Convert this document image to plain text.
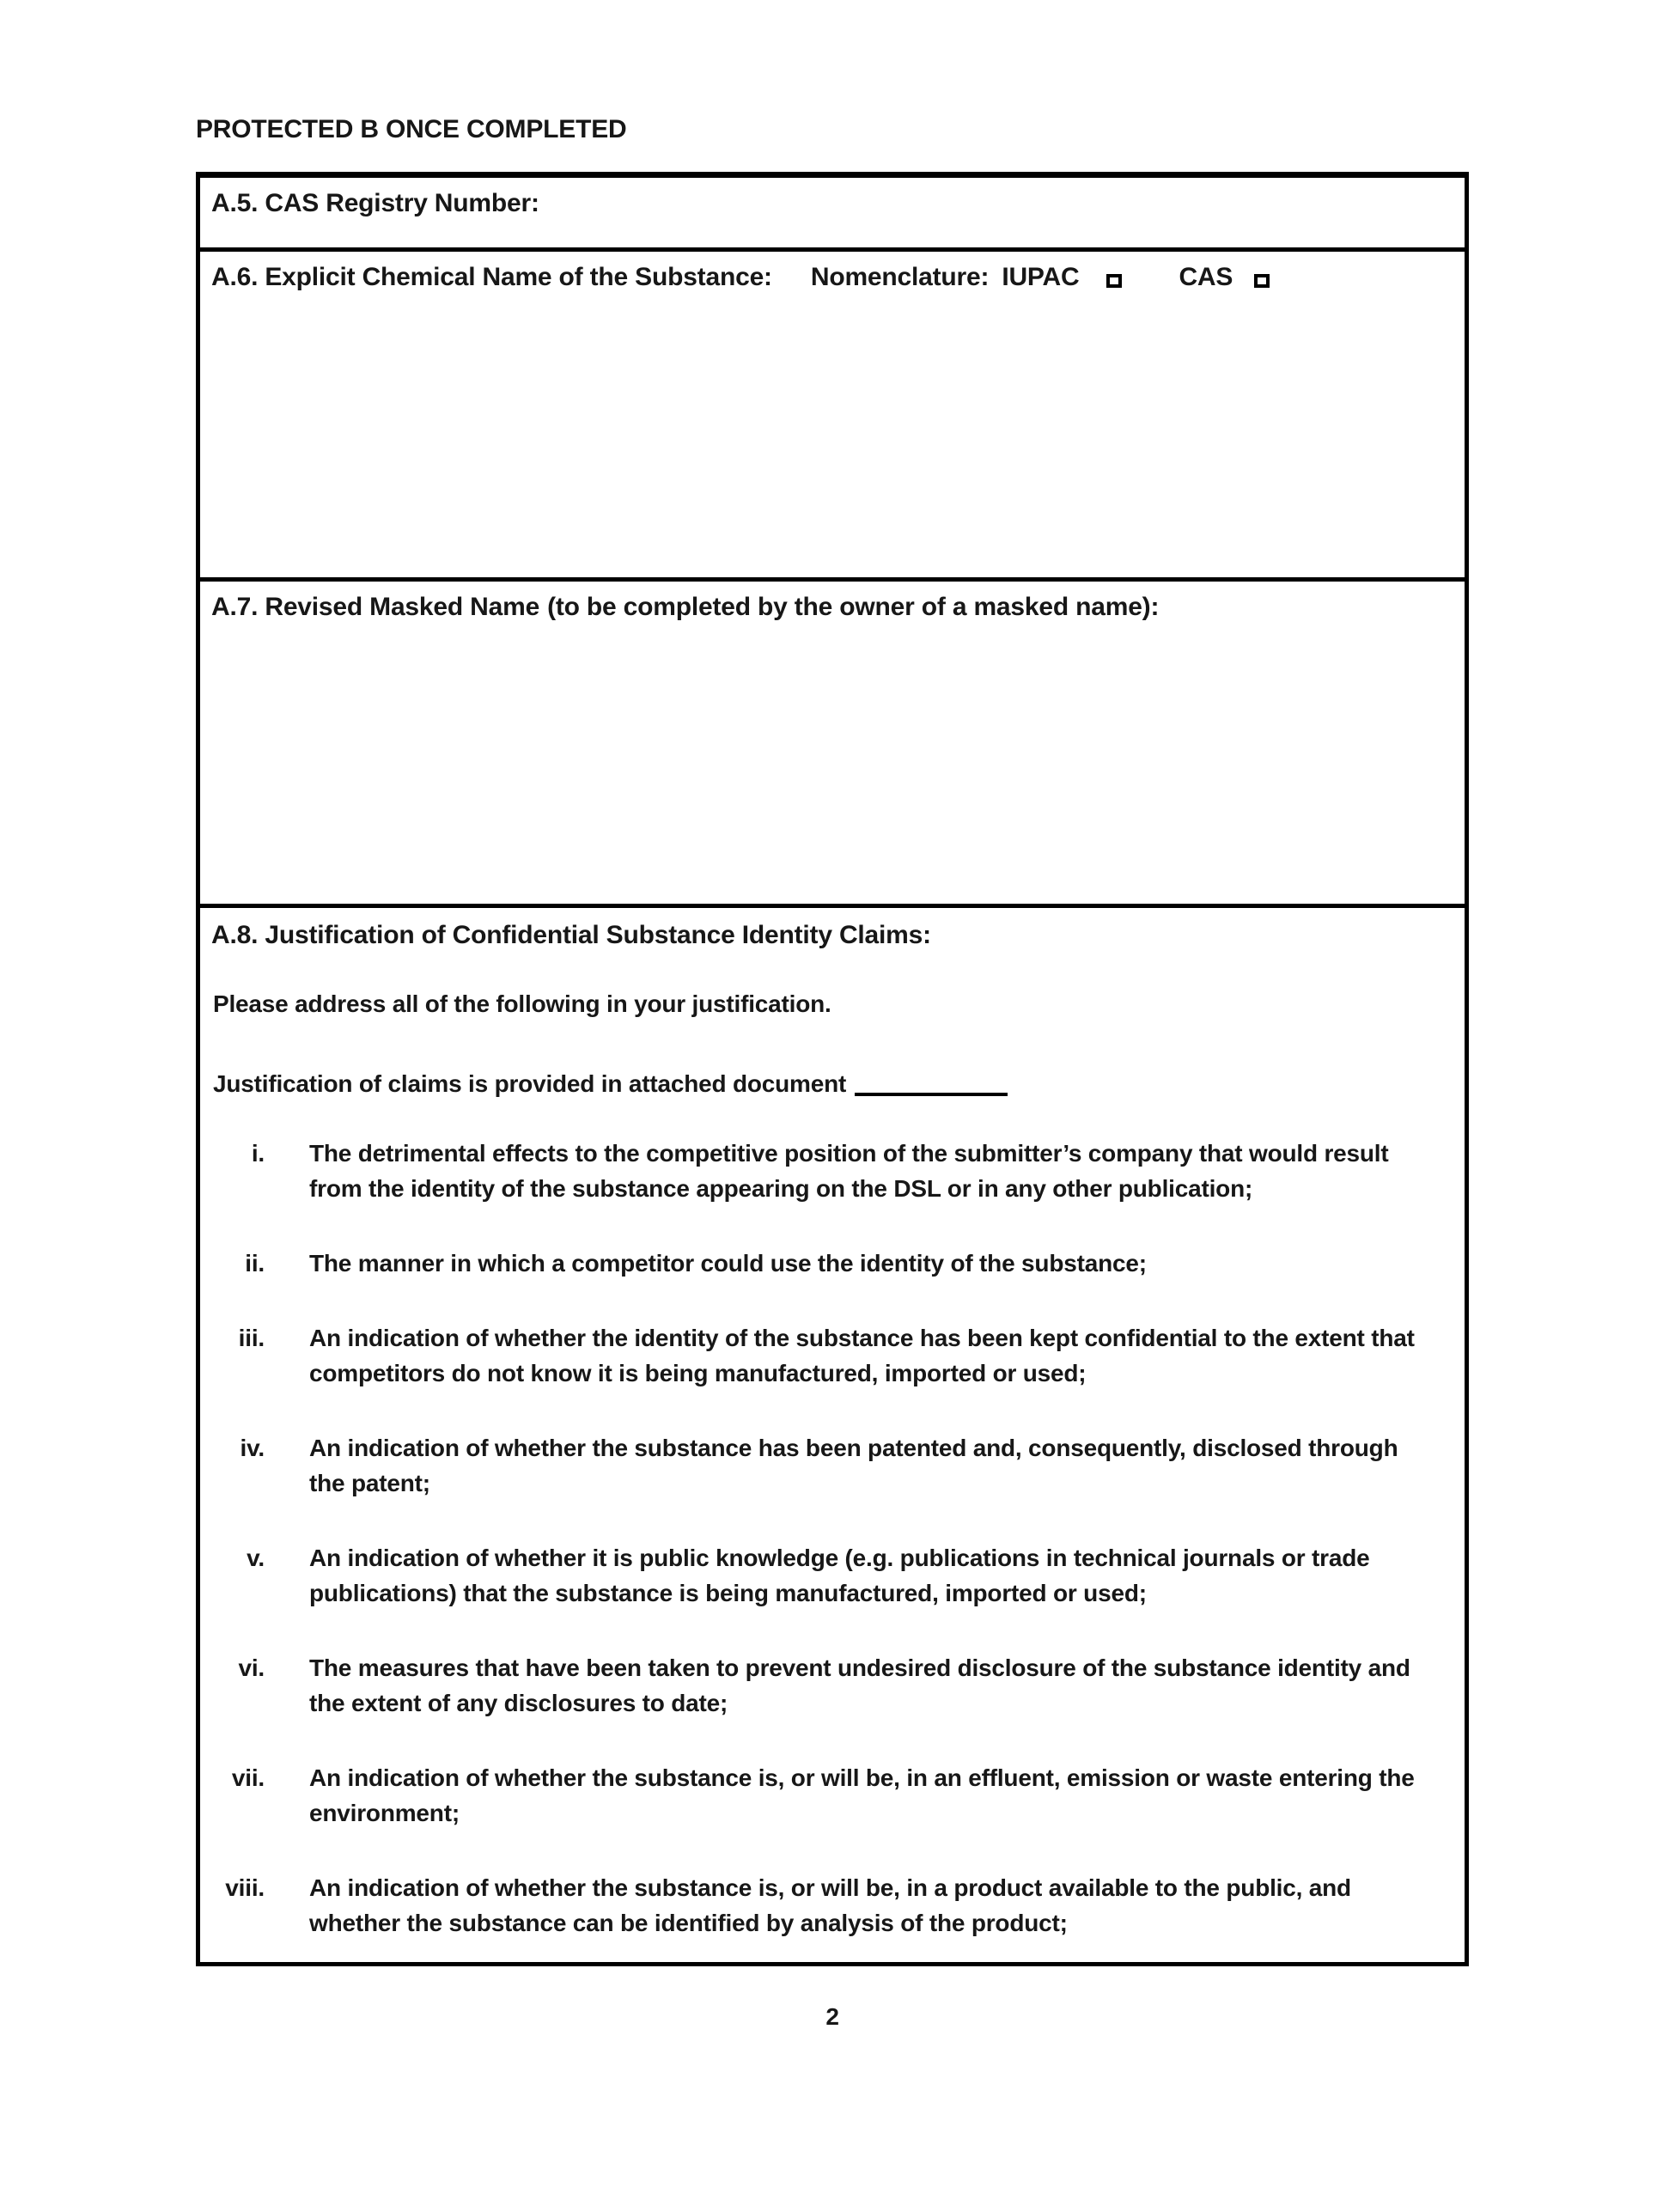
PROTECTED B ONCE COMPLETED
A.5. CAS Registry Number:
A.6. Explicit Chemical Name of the Substance: Nomenclature: IUPAC	CAS
A.7. Revised Masked Name (to be completed by the owner of a masked name):
A.8. Justification of Confidential Substance Identity Claims:
Please address all of the following in your justification.
Justification of claims is provided in attached document
i. The detrimental effects to the competitive position of the submitter’s company that would result from the identity of the substance appearing on the DSL or in any other publication;
ii. The manner in which a competitor could use the identity of the substance;
iii. An indication of whether the identity of the substance has been kept confidential to the extent that competitors do not know it is being manufactured, imported or used;
iv. An indication of whether the substance has been patented and, consequently, disclosed through the patent;
v. An indication of whether it is public knowledge (e.g. publications in technical journals or trade publications) that the substance is being manufactured, imported or used;
vi. The measures that have been taken to prevent undesired disclosure of the substance identity and the extent of any disclosures to date;
vii. An indication of whether the substance is, or will be, in an effluent, emission or waste entering the environment;
viii. An indication of whether the substance is, or will be, in a product available to the public, and whether the substance can be identified by analysis of the product;
2
